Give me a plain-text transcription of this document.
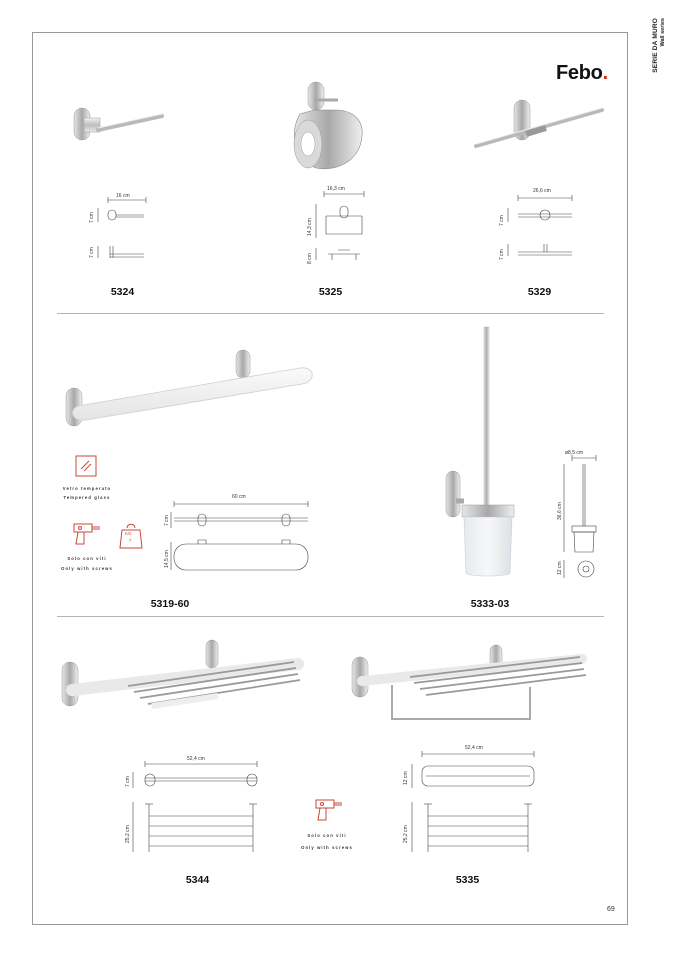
SERIE DA MURO Wall series
Febo.
16 cm
7 cm
7 cm
5324
16,3 cm
14,3 cm
8 cm
5325
26,6 cm
7 cm
7 cm
5329
Vetro temperato
Tempered glass
KG
7
Solo con viti
Only with screws
60 cm
7 cm
14,5 cm
5319-60
ø8,5 cm
36,6 cm
12 cm
5333-03
52,4 cm
7 cm
25,2 cm
5344
Solo con viti
Only with screws
52,4 cm
12 cm
25,2 cm
5335
69
